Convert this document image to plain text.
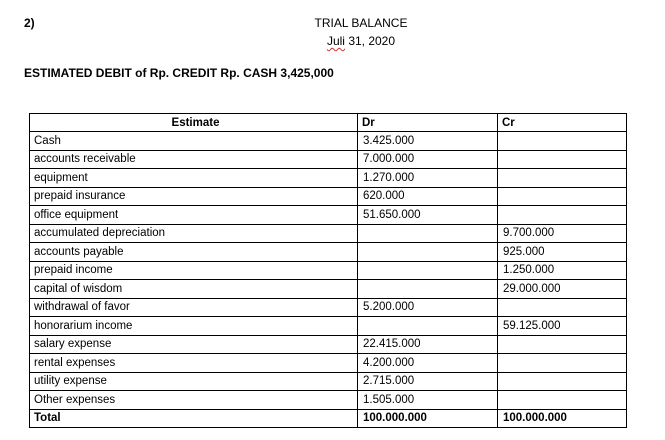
2)	TRIAL BALANCE
Juli 31, 2020
ESTIMATED DEBIT of Rp. CREDIT Rp. CASH 3,425,000
Estimate	Dr	Cr
Cash	3.425.000	
accounts receivable	7.000.000	
equipment	1.270.000	
prepaid insurance	620.000	
office equipment	51.650.000	
accumulated depreciation		9.700.000
accounts payable		925.000
prepaid income		1.250.000
capital of wisdom		29.000.000
withdrawal of favor	5.200.000	
honorarium income		59.125.000
salary expense	22.415.000	
rental expenses	4.200.000	
utility expense	2.715.000	
Other expenses	1.505.000	
Total	100.000.000	100.000.000
